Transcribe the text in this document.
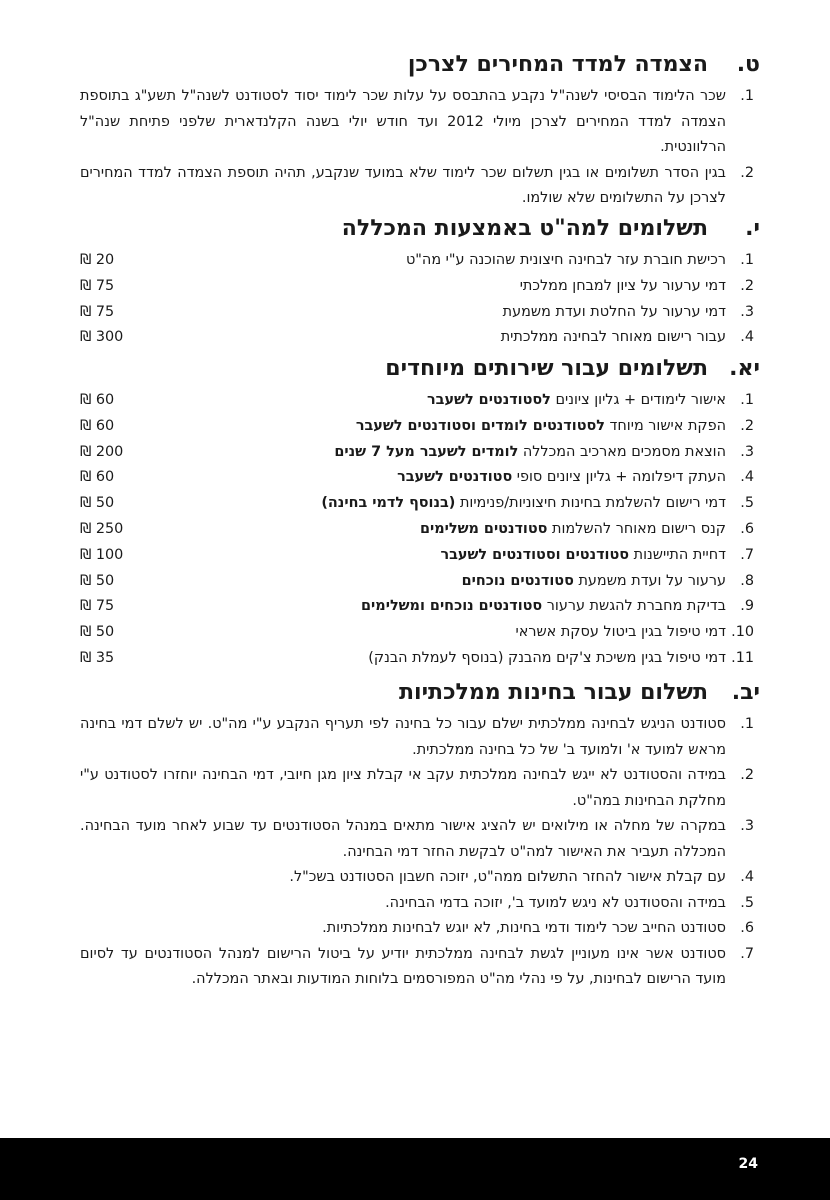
ט.
הצמדה למדד המחירים לצרכן
1.
שכר הלימוד הבסיסי לשנה"ל נקבע בהתבסס על עלות שכר לימוד יסוד לסטודנט לשנה"ל תשע"ג בתוספת הצמדה למדד המחירים לצרכן מיולי 2012 ועד חודש יולי בשנה הקלנדארית שלפני פתיחת שנה"ל הרלוונטית.
2.
בגין הסדר תשלומים או בגין תשלום שכר לימוד שלא במועד שנקבע, תהיה תוספת הצמדה למדד המחירים לצרכן על התשלומים שלא שולמו.
י.
תשלומים למה"ט באמצעות המכללה
1.
רכישת חוברת עזר לבחינה חיצונית שהוכנה ע"י מה"ט
20 ₪
2.
דמי ערעור על ציון למבחן ממלכתי
75 ₪
3.
דמי ערעור על החלטת ועדת משמעת
75 ₪
4.
עבור רישום מאוחר לבחינה ממלכתית
300 ₪
יא.
תשלומים עבור שירותים מיוחדים
1.
אישור לימודים + גליון ציונים לסטודנטים לשעבר
60 ₪
2.
הפקת אישור מיוחד לסטודנטים לומדים וסטודנטים לשעבר
60 ₪
3.
הוצאת מסמכים מארכיב המכללה לומדים לשעבר מעל 7 שנים
200 ₪
4.
העתק דיפלומה + גליון ציונים סופי סטודנטים לשעבר
60 ₪
5.
דמי רישום להשלמת בחינות חיצוניות/פנימיות (בנוסף לדמי בחינה)
50 ₪
6.
קנס רישום מאוחר להשלמות סטודנטים משלימים
250 ₪
7.
דחיית התיישנות סטודנטים וסטודנטים לשעבר
100 ₪
8.
ערעור על ועדת משמעת סטודנטים נוכחים
50 ₪
9.
בדיקת מחברת להגשת ערעור סטודנטים נוכחים ומשלימים
75 ₪
10.
דמי טיפול בגין ביטול עסקת אשראי
50 ₪
11.
דמי טיפול בגין משיכת צ'קים מהבנק (בנוסף לעמלת הבנק)
35 ₪
יב.
תשלום עבור בחינות ממלכתיות
1.
סטודנט הניגש לבחינה ממלכתית ישלם עבור כל בחינה לפי תעריף הנקבע ע"י מה"ט. יש לשלם דמי בחינה מראש למועד א' ולמועד ב' של כל בחינה ממלכתית.
2.
במידה והסטודנט לא ייגש לבחינה ממלכתית עקב אי קבלת ציון מגן חיובי, דמי הבחינה יוחזרו לסטודנט ע"י מחלקת הבחינות במה"ט.
3.
במקרה של מחלה או מילואים יש להציג אישור מתאים במנהל הסטודנטים עד שבוע לאחר מועד הבחינה. המכללה תעביר את האישור למה"ט לבקשת החזר דמי הבחינה.
4.
עם קבלת אישור להחזר התשלום ממה"ט, יזוכה חשבון הסטודנט בשכ"ל.
5.
במידה והסטודנט לא ניגש למועד ב', יזוכה בדמי הבחינה.
6.
סטודנט החייב שכר לימוד ודמי בחינות, לא יוגש לבחינות ממלכתיות.
7.
סטודנט אשר אינו מעוניין לגשת לבחינה ממלכתית יודיע על ביטול הרישום למנהל הסטודנטים עד לסיום מועד הרישום לבחינות, על פי נהלי מה"ט המפורסמים בלוחות המודעות ובאתר המכללה.
24
